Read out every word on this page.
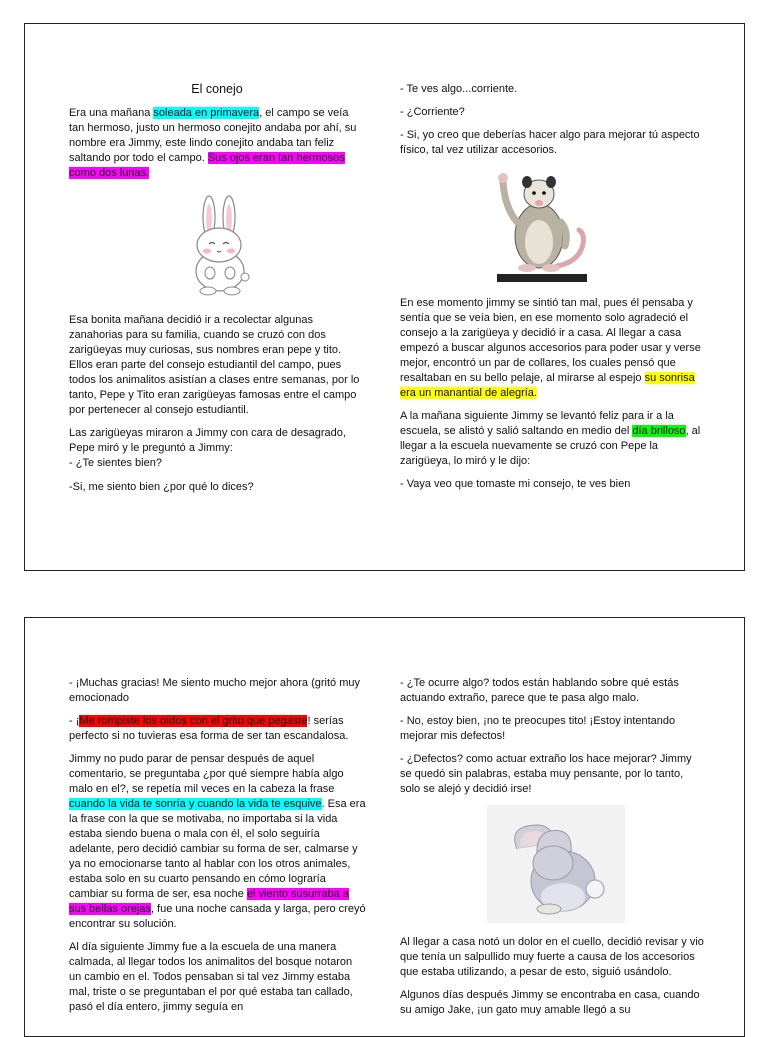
El conejo

Era una mañana soleada en primavera, el campo se veía tan hermoso, justo un hermoso conejito andaba por ahí, su nombre era Jimmy, este lindo conejito andaba tan feliz saltando por todo el campo. Sus ojos eran tan hermosos como dos lunas.

Esa bonita mañana decidió ir a recolectar algunas zanahorias para su familia, cuando se cruzó con dos zarigüeyas muy curiosas, sus nombres eran pepe y tito. Ellos eran parte del consejo estudiantil del campo, pues todos los animalitos asistían a clases entre semanas, por lo tanto, Pepe y Tito eran zarigüeyas famosas entre el campo por pertenecer al consejo estudiantil.

Las zarigüeyas miraron a Jimmy con cara de desagrado, Pepe miró y le preguntó a Jimmy:
- ¿Te sientes bien?

-Si, me siento bien ¿por qué lo dices?

- Te ves algo...corriente.

- ¿Corriente?

- Si, yo creo que deberías hacer algo para mejorar tú aspecto físico, tal vez utilizar accesorios.

En ese momento jimmy se sintió tan mal, pues él pensaba y sentía que se veía bien, en ese momento solo agradeció el consejo a la zarigüeya y decidió ir a casa. Al llegar a casa empezó a buscar algunos accesorios para poder usar y verse mejor, encontró un par de collares, los cuales pensó que resaltaban en su bello pelaje, al mirarse al espejo su sonrisa era un manantial de alegría.

A la mañana siguiente Jimmy se levantó feliz para ir a la escuela, se alistó y salió saltando en medio del día brilloso, al llegar a la escuela nuevamente se cruzó con Pepe la zarigüeya, lo miró y le dijo:

- Vaya veo que tomaste mi consejo, te ves bien

- ¡Muchas gracias! Me siento mucho mejor ahora (gritó muy emocionado

- ¡Me rompiste los oídos con el grito que pegaste! serías perfecto si no tuvieras esa forma de ser tan escandalosa.

Jimmy no pudo parar de pensar después de aquel comentario, se preguntaba ¿por qué siempre había algo malo en el?, se repetía mil veces en la cabeza la frase cuando la vida te sonría y cuando la vida te esquive. Esa era la frase con la que se motivaba, no importaba si la vida estaba siendo buena o mala con él, el solo seguiría adelante, pero decidió cambiar su forma de ser, calmarse y ya no emocionarse tanto al hablar con los otros animales, estaba solo en su cuarto pensando en cómo lograría cambiar su forma de ser, esa noche el viento susurraba a sus bellas orejas, fue una noche cansada y larga, pero creyó encontrar su solución.

Al día siguiente Jimmy fue a la escuela de una manera calmada, al llegar todos los animalitos del bosque notaron un cambio en el. Todos pensaban si tal vez Jimmy estaba mal, triste o se preguntaban el por qué estaba tan callado, pasó el día entero, jimmy seguía en

- ¿Te ocurre algo? todos están hablando sobre qué estás actuando extraño, parece que te pasa algo malo.

- No, estoy bien, ¡no te preocupes tito! ¡Estoy intentando mejorar mis defectos!

- ¿Defectos? como actuar extraño los hace mejorar? Jimmy se quedó sin palabras, estaba muy pensante, por lo tanto, solo se alejó y decidió irse!

Al llegar a casa notó un dolor en el cuello, decidió revisar y vio que tenía un salpullido muy fuerte a causa de los accesorios que estaba utilizando, a pesar de esto, siguió usándolo.

Algunos días después Jimmy se encontraba en casa, cuando su amigo Jake, ¡un gato muy amable llegó a su
